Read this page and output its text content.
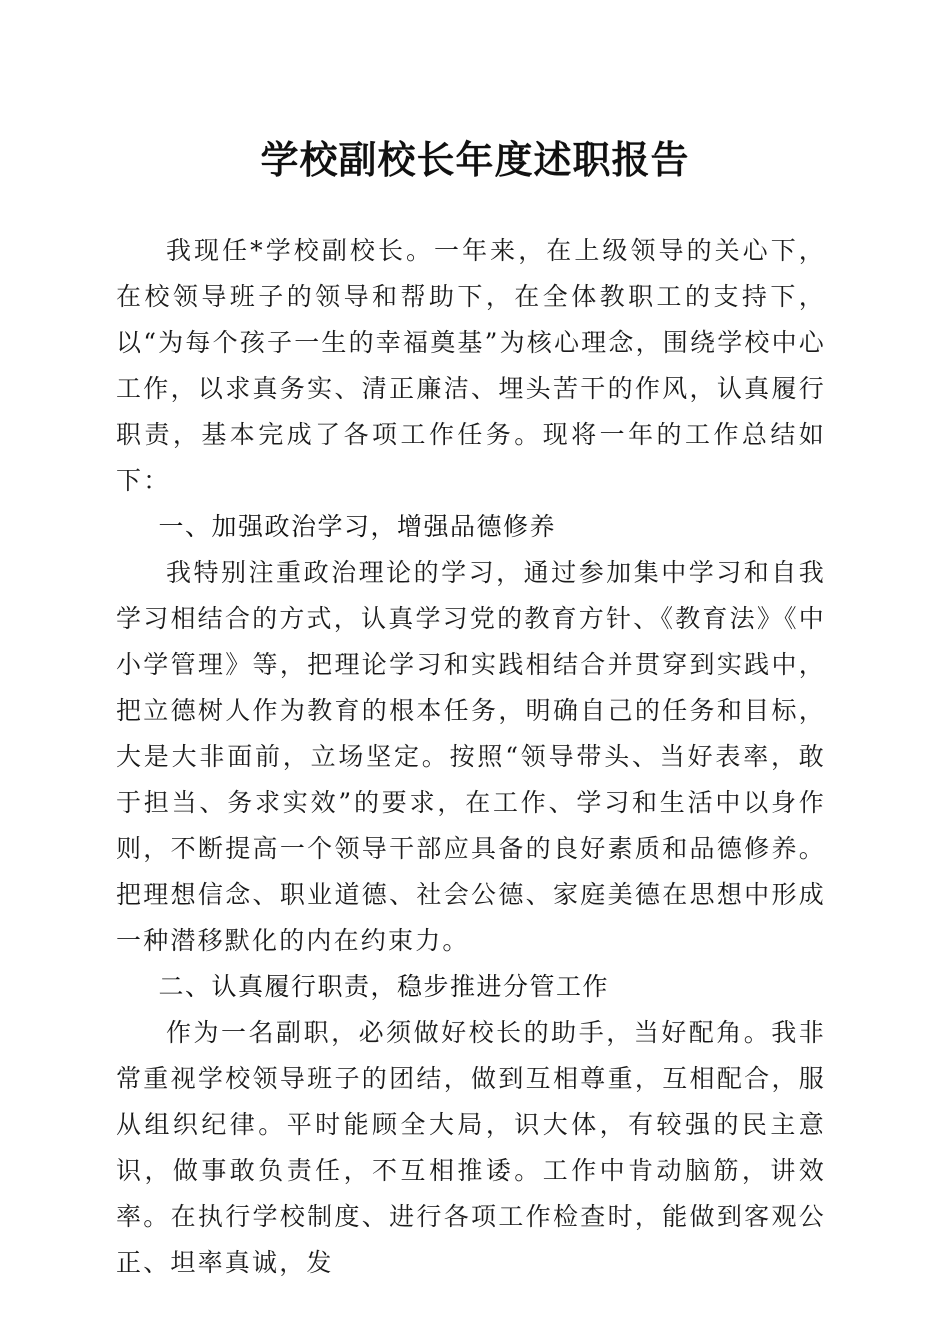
学校副校长年度述职报告

我现任*学校副校长。一年来，在上级领导的关心下，在校领导班子的领导和帮助下，在全体教职工的支持下，以“为每个孩子一生的幸福奠基”为核心理念，围绕学校中心工作，以求真务实、清正廉洁、埋头苦干的作风，认真履行职责，基本完成了各项工作任务。现将一年的工作总结如下：

一、加强政治学习，增强品德修养

我特别注重政治理论的学习，通过参加集中学习和自我学习相结合的方式，认真学习党的教育方针、《教育法》《中小学管理》等，把理论学习和实践相结合并贯穿到实践中，把立德树人作为教育的根本任务，明确自己的任务和目标，大是大非面前，立场坚定。按照“领导带头、当好表率，敢于担当、务求实效”的要求，在工作、学习和生活中以身作则，不断提高一个领导干部应具备的良好素质和品德修养。把理想信念、职业道德、社会公德、家庭美德在思想中形成一种潜移默化的内在约束力。

二、认真履行职责，稳步推进分管工作

作为一名副职，必须做好校长的助手，当好配角。我非常重视学校领导班子的团结，做到互相尊重，互相配合，服从组织纪律。平时能顾全大局，识大体，有较强的民主意识，做事敢负责任，不互相推诿。工作中肯动脑筋，讲效率。在执行学校制度、进行各项工作检查时，能做到客观公正、坦率真诚，发
